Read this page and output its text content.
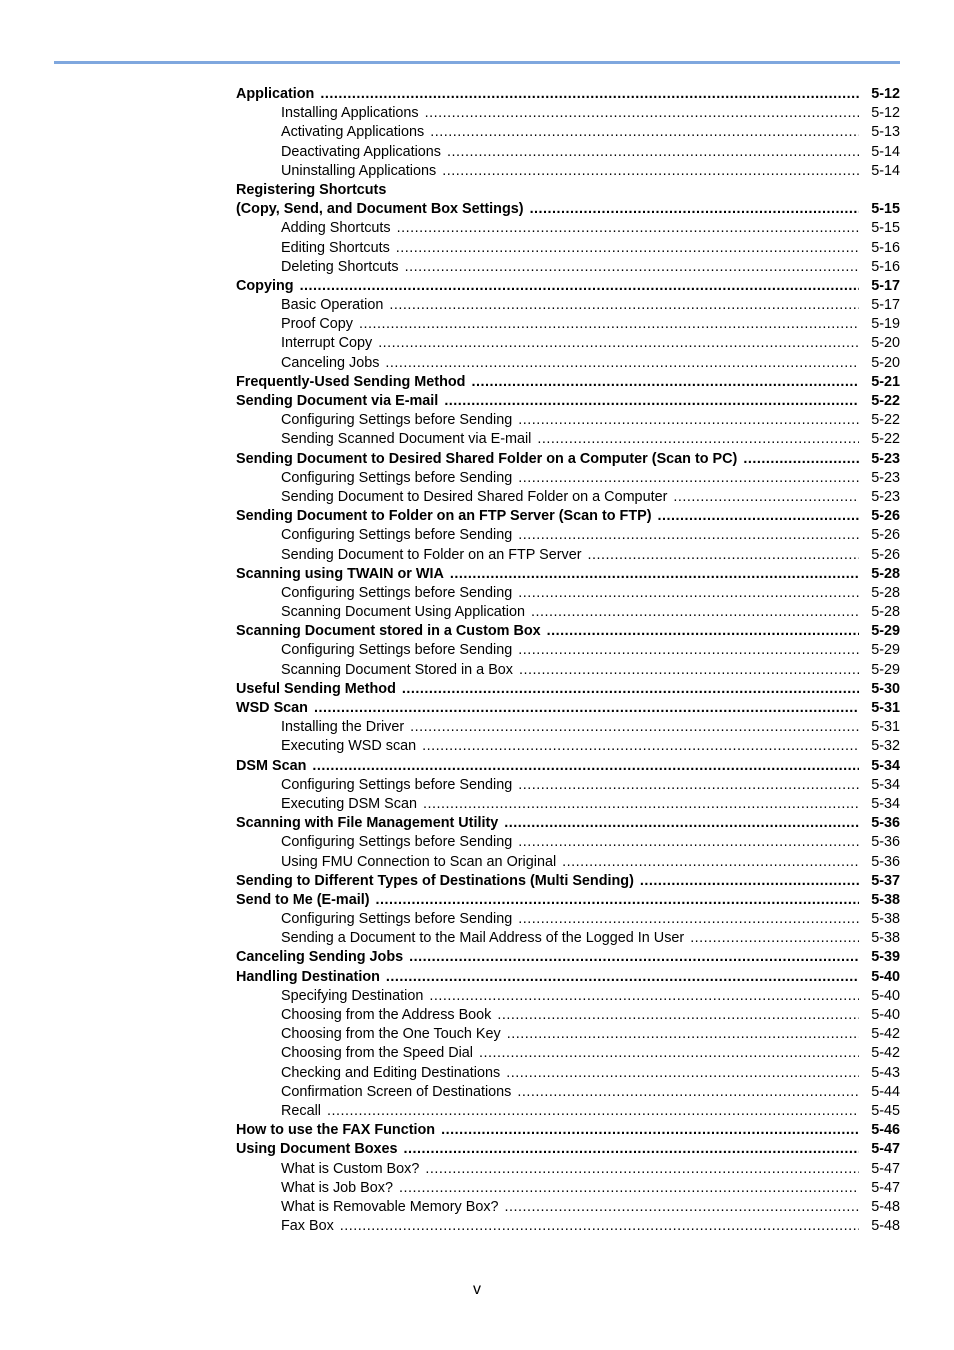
Application .....	5-12
Installing Applications .....	5-12
Activating Applications .....	5-13
Deactivating Applications .....	5-14
Uninstalling Applications .....	5-14
Registering Shortcuts
(Copy, Send, and Document Box Settings) .....	5-15
Adding Shortcuts .....	5-15
Editing Shortcuts .....	5-16
Deleting Shortcuts .....	5-16
Copying .....	5-17
Basic Operation .....	5-17
Proof Copy .....	5-19
Interrupt Copy .....	5-20
Canceling Jobs .....	5-20
Frequently-Used Sending Method .....	5-21
Sending Document via E-mail .....	5-22
Configuring Settings before Sending .....	5-22
Sending Scanned Document via E-mail .....	5-22
Sending Document to Desired Shared Folder on a Computer (Scan to PC) .....	5-23
Configuring Settings before Sending .....	5-23
Sending Document to Desired Shared Folder on a Computer .....	5-23
Sending Document to Folder on an FTP Server (Scan to FTP) .....	5-26
Configuring Settings before Sending .....	5-26
Sending Document to Folder on an FTP Server .....	5-26
Scanning using TWAIN or WIA .....	5-28
Configuring Settings before Sending .....	5-28
Scanning Document Using Application .....	5-28
Scanning Document stored in a Custom Box .....	5-29
Configuring Settings before Sending .....	5-29
Scanning Document Stored in a Box .....	5-29
Useful Sending Method .....	5-30
WSD Scan .....	5-31
Installing the Driver .....	5-31
Executing WSD scan .....	5-32
DSM Scan .....	5-34
Configuring Settings before Sending .....	5-34
Executing DSM Scan .....	5-34
Scanning with File Management Utility .....	5-36
Configuring Settings before Sending .....	5-36
Using FMU Connection to Scan an Original .....	5-36
Sending to Different Types of Destinations (Multi Sending) .....	5-37
Send to Me (E-mail) .....	5-38
Configuring Settings before Sending .....	5-38
Sending a Document to the Mail Address of the Logged In User .....	5-38
Canceling Sending Jobs .....	5-39
Handling Destination .....	5-40
Specifying Destination .....	5-40
Choosing from the Address Book .....	5-40
Choosing from the One Touch Key .....	5-42
Choosing from the Speed Dial .....	5-42
Checking and Editing Destinations .....	5-43
Confirmation Screen of Destinations .....	5-44
Recall .....	5-45
How to use the FAX Function .....	5-46
Using Document Boxes .....	5-47
What is Custom Box? .....	5-47
What is Job Box? .....	5-47
What is Removable Memory Box? .....	5-48
Fax Box .....	5-48
v
